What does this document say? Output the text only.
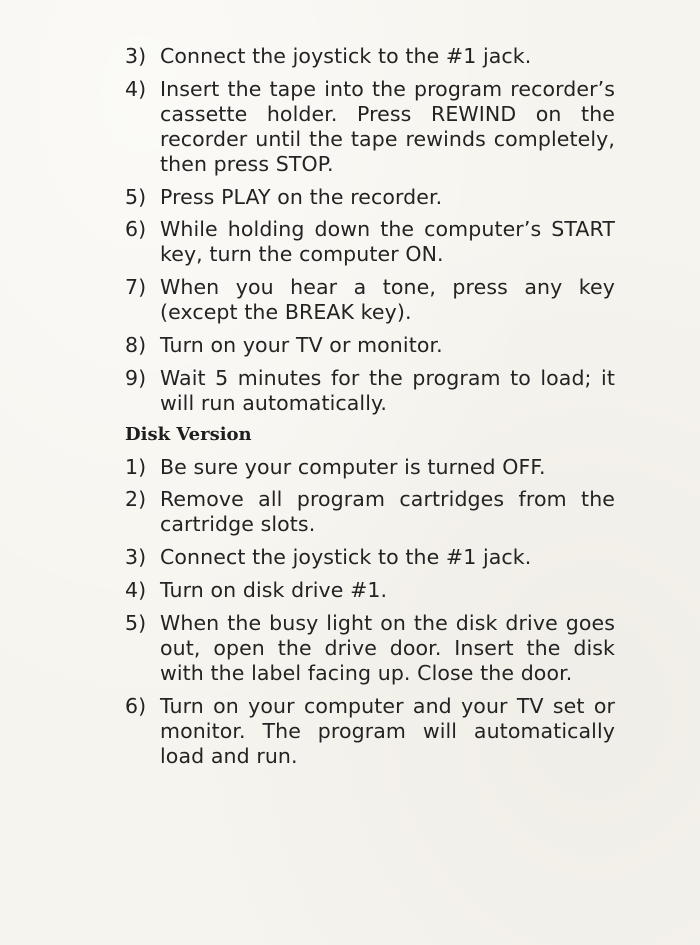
3) Connect the joystick to the #1 jack.
4) Insert the tape into the program recorder’s cassette holder. Press REWIND on the recorder until the tape rewinds completely, then press STOP.
5) Press PLAY on the recorder.
6) While holding down the computer’s START key, turn the computer ON.
7) When you hear a tone, press any key (except the BREAK key).
8) Turn on your TV or monitor.
9) Wait 5 minutes for the program to load; it will run automatically.
Disk Version
1) Be sure your computer is turned OFF.
2) Remove all program cartridges from the cartridge slots.
3) Connect the joystick to the #1 jack.
4) Turn on disk drive #1.
5) When the busy light on the disk drive goes out, open the drive door. Insert the disk with the label facing up. Close the door.
6) Turn on your computer and your TV set or monitor. The program will automatically load and run.
